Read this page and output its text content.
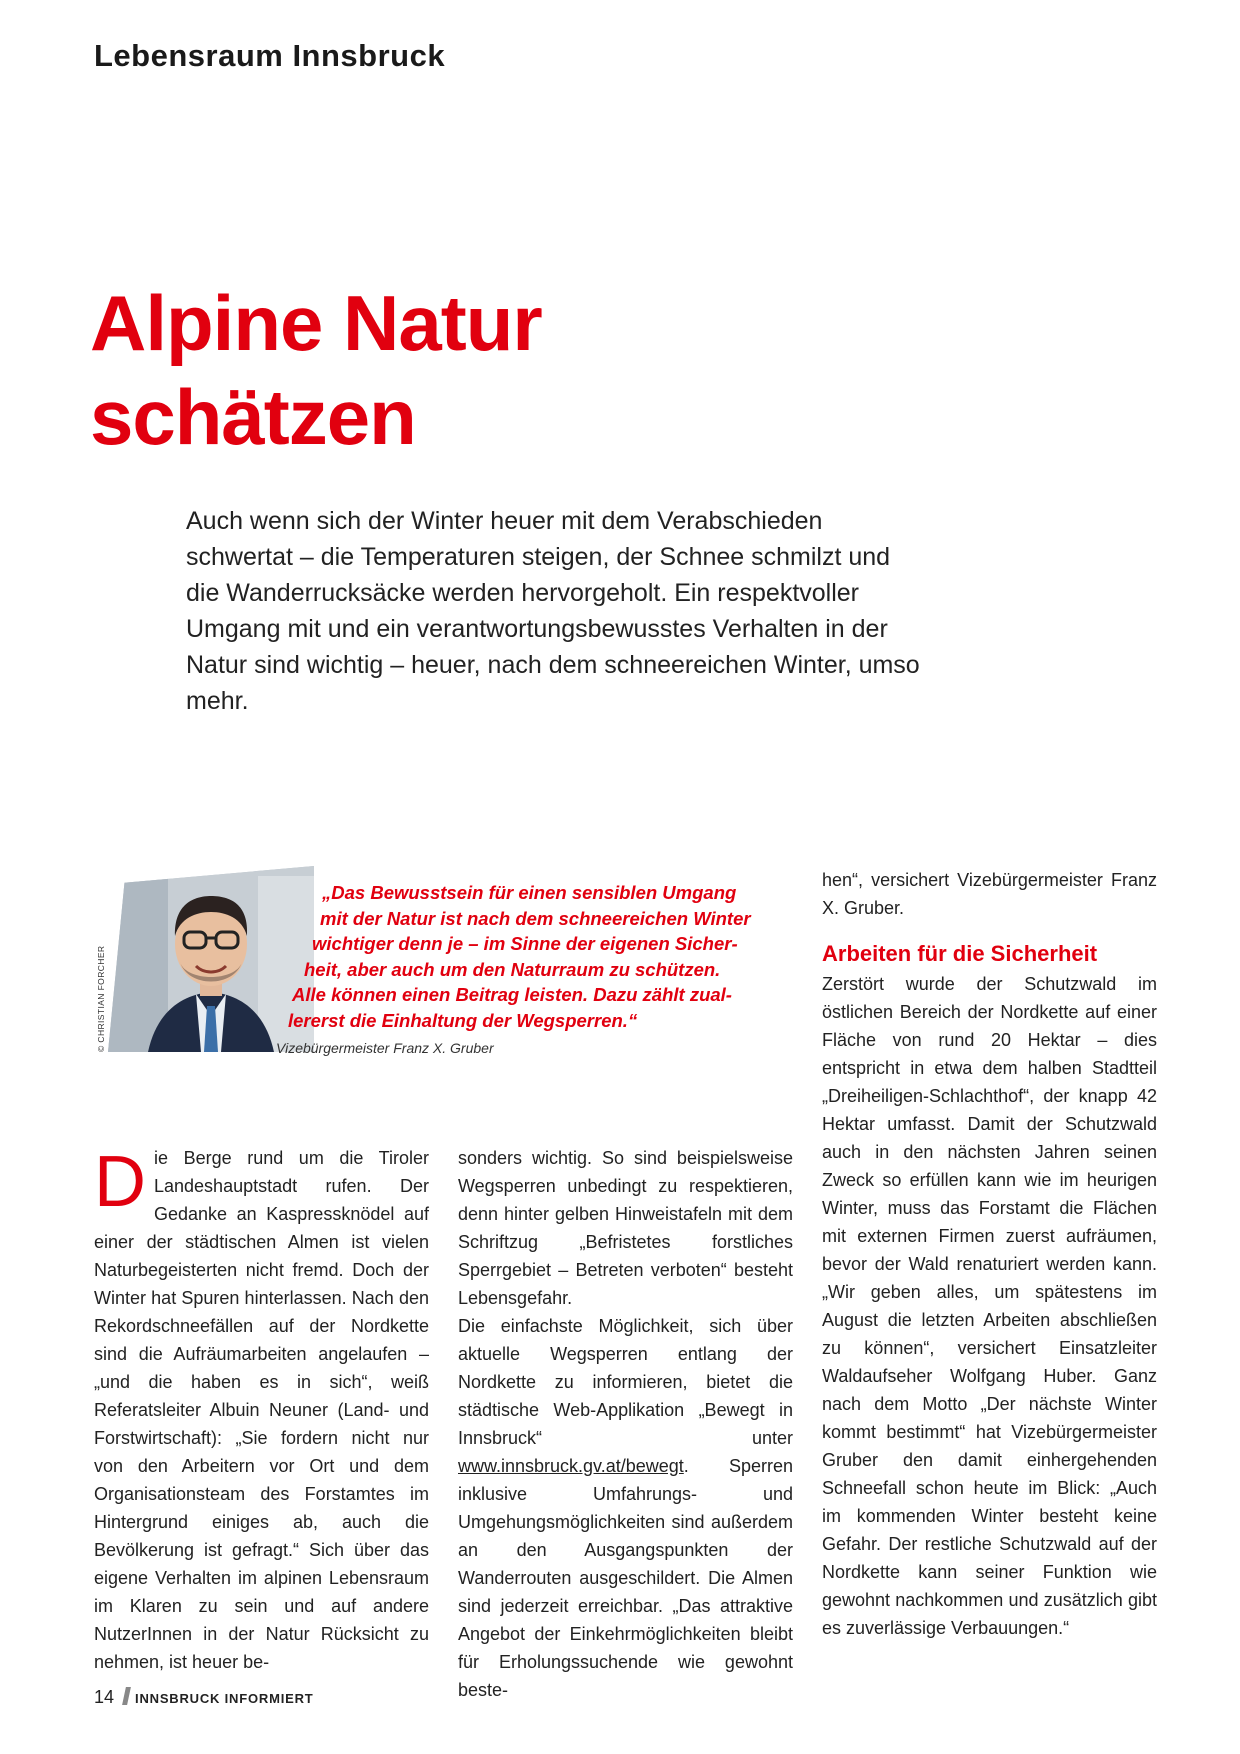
Lebensraum Innsbruck
Alpine Natur
schätzen

Auch wenn sich der Winter heuer mit dem Verabschieden schwertat – die Temperaturen steigen, der Schnee schmilzt und die Wanderrucksäcke werden hervorgeholt. Ein respektvoller Umgang mit und ein verantwortungsbewusstes Verhalten in der Natur sind wichtig – heuer, nach dem schneereichen Winter, umso mehr.

© CHRISTIAN FORCHER
„Das Bewusstsein für einen sensiblen Umgang
mit der Natur ist nach dem schneereichen Winter
wichtiger denn je – im Sinne der eigenen Sicher-
heit, aber auch um den Naturraum zu schützen.
Alle können einen Beitrag leisten. Dazu zählt zual-
lererst die Einhaltung der Wegsperren.“
Vizebürgermeister Franz X. Gruber

Die Berge rund um die Tiroler Landeshauptstadt rufen. Der Gedanke an Kaspressknödel auf einer der städtischen Almen ist vielen Naturbegeisterten nicht fremd. Doch der Winter hat Spuren hinterlassen. Nach den Rekordschneefällen auf der Nordkette sind die Aufräumarbeiten angelaufen – „und die haben es in sich“, weiß Referatsleiter Albuin Neuner (Land- und Forstwirtschaft): „Sie fordern nicht nur von den Arbeitern vor Ort und dem Organisationsteam des Forstamtes im Hintergrund einiges ab, auch die Bevölkerung ist gefragt.“ Sich über das eigene Verhalten im alpinen Lebensraum im Klaren zu sein und auf andere NutzerInnen in der Natur Rücksicht zu nehmen, ist heuer be-

sonders wichtig. So sind beispielsweise Wegsperren unbedingt zu respektieren, denn hinter gelben Hinweistafeln mit dem Schriftzug „Befristetes forstliches Sperrgebiet – Betreten verboten“ besteht Lebensgefahr.

Die einfachste Möglichkeit, sich über aktuelle Wegsperren entlang der Nordkette zu informieren, bietet die städtische Web-Applikation „Bewegt in Innsbruck“ unter www.innsbruck.gv.at/bewegt. Sperren inklusive Umfahrungs- und Umgehungsmöglichkeiten sind außerdem an den Ausgangspunkten der Wanderrouten ausgeschildert. Die Almen sind jederzeit erreichbar. „Das attraktive Angebot der Einkehrmöglichkeiten bleibt für Erholungssuchende wie gewohnt beste-

hen“, versichert Vizebürgermeister Franz X. Gruber.

Arbeiten für die Sicherheit

Zerstört wurde der Schutzwald im östlichen Bereich der Nordkette auf einer Fläche von rund 20 Hektar – dies entspricht in etwa dem halben Stadtteil „Dreiheiligen-Schlachthof“, der knapp 42 Hektar umfasst. Damit der Schutzwald auch in den nächsten Jahren seinen Zweck so erfüllen kann wie im heurigen Winter, muss das Forstamt die Flächen mit externen Firmen zuerst aufräumen, bevor der Wald renaturiert werden kann. „Wir geben alles, um spätestens im August die letzten Arbeiten abschließen zu können“, versichert Einsatzleiter Waldaufseher Wolfgang Huber. Ganz nach dem Motto „Der nächste Winter kommt bestimmt“ hat Vizebürgermeister Gruber den damit einhergehenden Schneefall schon heute im Blick: „Auch im kommenden Winter besteht keine Gefahr. Der restliche Schutzwald auf der Nordkette kann seiner Funktion wie gewohnt nachkommen und zusätzlich gibt es zuverlässige Verbauungen.“

14 INNSBRUCK INFORMIERT
